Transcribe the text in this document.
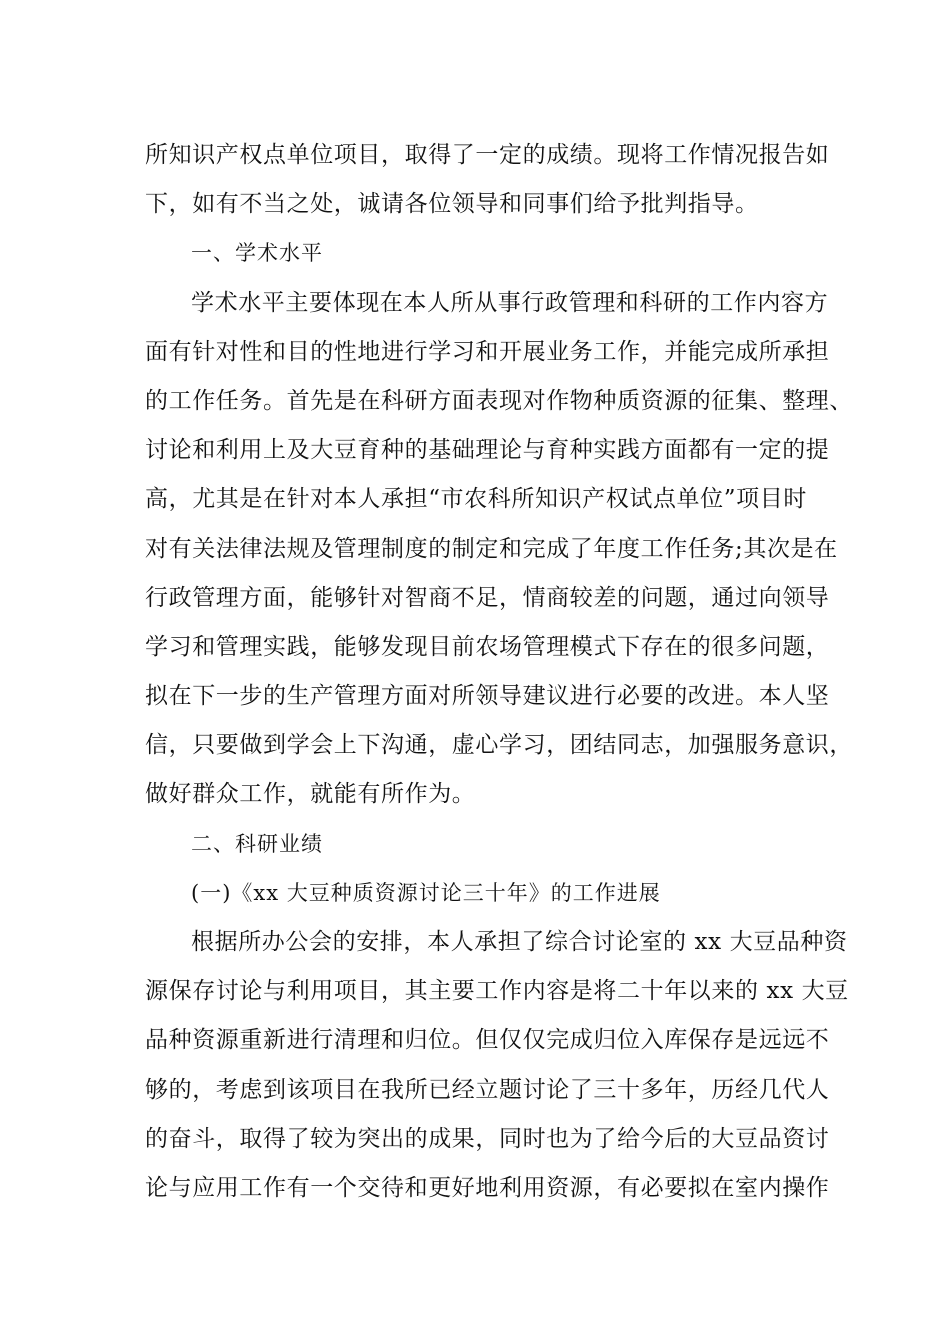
所知识产权点单位项目，取得了一定的成绩。现将工作情况报告如
下，如有不当之处，诚请各位领导和同事们给予批判指导。
一、学术水平
学术水平主要体现在本人所从事行政管理和科研的工作内容方
面有针对性和目的性地进行学习和开展业务工作，并能完成所承担
的工作任务。首先是在科研方面表现对作物种质资源的征集、整理、
讨论和利用上及大豆育种的基础理论与育种实践方面都有一定的提
高，尤其是在针对本人承担“市农科所知识产权试点单位”项目时
对有关法律法规及管理制度的制定和完成了年度工作任务;其次是在
行政管理方面，能够针对智商不足，情商较差的问题，通过向领导
学习和管理实践，能够发现目前农场管理模式下存在的很多问题，
拟在下一步的生产管理方面对所领导建议进行必要的改进。本人坚
信，只要做到学会上下沟通，虚心学习，团结同志，加强服务意识，
做好群众工作，就能有所作为。
二、科研业绩
(一)《xx 大豆种质资源讨论三十年》的工作进展
根据所办公会的安排，本人承担了综合讨论室的 xx 大豆品种资
源保存讨论与利用项目，其主要工作内容是将二十年以来的 xx 大豆
品种资源重新进行清理和归位。但仅仅完成归位入库保存是远远不
够的，考虑到该项目在我所已经立题讨论了三十多年，历经几代人
的奋斗，取得了较为突出的成果，同时也为了给今后的大豆品资讨
论与应用工作有一个交待和更好地利用资源，有必要拟在室内操作
